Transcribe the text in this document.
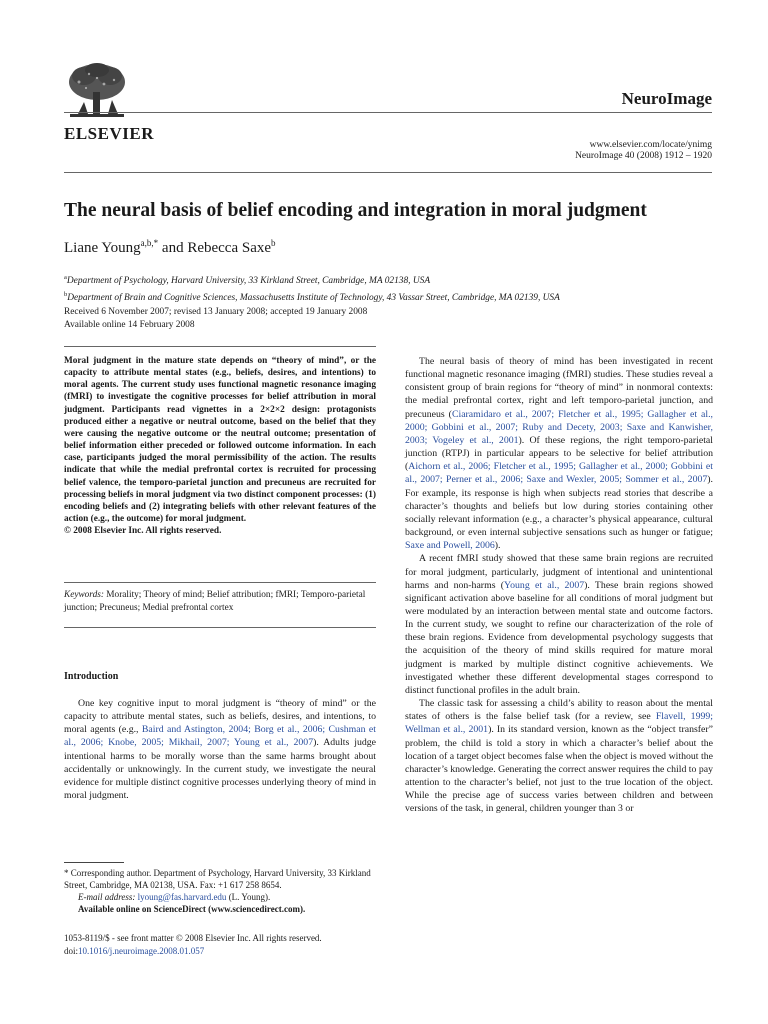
ELSEVIER
NeuroImage
www.elsevier.com/locate/ynimg
NeuroImage 40 (2008) 1912 – 1920
The neural basis of belief encoding and integration in moral judgment
Liane Young$^{a,b,*}$ and Rebecca Saxe$^b$
$^a$Department of Psychology, Harvard University, 33 Kirkland Street, Cambridge, MA 02138, USA
$^b$Department of Brain and Cognitive Sciences, Massachusetts Institute of Technology, 43 Vassar Street, Cambridge, MA 02139, USA
Received 6 November 2007; revised 13 January 2008; accepted 19 January 2008
Available online 14 February 2008
Moral judgment in the mature state depends on “theory of mind”, or the capacity to attribute mental states (e.g., beliefs, desires, and intentions) to moral agents. The current study uses functional magnetic resonance imaging (fMRI) to investigate the cognitive processes for belief attribution in moral judgment. Participants read vignettes in a 2×2×2 design: protagonists produced either a negative or neutral outcome, based on the belief that they were causing the negative outcome or the neutral outcome; presentation of belief information either preceded or followed outcome information. In each case, participants judged the moral permissibility of the action. The results indicate that while the medial prefrontal cortex is recruited for processing belief valence, the temporo-parietal junction and precuneus are recruited for processing beliefs in moral judgment via two distinct component processes: (1) encoding beliefs and (2) integrating beliefs with other relevant features of the action (e.g., the outcome) for moral judgment.
© 2008 Elsevier Inc. All rights reserved.
Keywords: Morality; Theory of mind; Belief attribution; fMRI; Temporo-parietal junction; Precuneus; Medial prefrontal cortex
Introduction

One key cognitive input to moral judgment is “theory of mind” or the capacity to attribute mental states, such as beliefs, desires, and intentions, to moral agents (e.g., Baird and Astington, 2004; Borg et al., 2006; Cushman et al., 2006; Knobe, 2005; Mikhail, 2007; Young et al., 2007). Adults judge intentional harms to be morally worse than the same harms brought about accidentally or unknowingly. In the current study, we investigate the neural evidence for multiple distinct cognitive processes underlying theory of mind in moral judgment.

The neural basis of theory of mind has been investigated in recent functional magnetic resonance imaging (fMRI) studies. These studies reveal a consistent group of brain regions for “theory of mind” in nonmoral contexts: the medial prefrontal cortex, right and left temporo-parietal junction, and precuneus (Ciaramidaro et al., 2007; Fletcher et al., 1995; Gallagher et al., 2000; Gobbini et al., 2007; Ruby and Decety, 2003; Saxe and Kanwisher, 2003; Vogeley et al., 2001). Of these regions, the right temporo-parietal junction (RTPJ) in particular appears to be selective for belief attribution (Aichorn et al., 2006; Fletcher et al., 1995; Gallagher et al., 2000; Gobbini et al., 2007; Perner et al., 2006; Saxe and Wexler, 2005; Sommer et al., 2007). For example, its response is high when subjects read stories that describe a character’s thoughts and beliefs but low during stories containing other socially relevant information (e.g., a character’s physical appearance, cultural background, or even internal subjective sensations such as hunger or fatigue; Saxe and Powell, 2006).

A recent fMRI study showed that these same brain regions are recruited for moral judgment, particularly, judgment of intentional and unintentional harms and non-harms (Young et al., 2007). These brain regions showed significant activation above baseline for all conditions of moral judgment but were modulated by an interaction between mental state and outcome factors. In the current study, we sought to refine our characterization of the role of these brain regions. Evidence from developmental psychology suggests that the acquisition of the theory of mind skills required for mature moral judgment is marked by multiple distinct cognitive achievements. We investigated whether these different developmental stages correspond to distinct functional profiles in the adult brain.

The classic task for assessing a child’s ability to reason about the mental states of others is the false belief task (for a review, see Flavell, 1999; Wellman et al., 2001). In its standard version, known as the “object transfer” problem, the child is told a story in which a character’s belief about the location of a target object becomes false when the object is moved without the character’s knowledge. Generating the correct answer requires the child to pay attention to the character’s belief, not just to the true location of the object. While the precise age of success varies between children and between versions of the task, in general, children younger than 3 or

* Corresponding author. Department of Psychology, Harvard University, 33 Kirkland Street, Cambridge, MA 02138, USA. Fax: +1 617 258 8654.

E-mail address: lyoung@fas.harvard.edu (L. Young).

Available online on ScienceDirect (www.sciencedirect.com).

1053-8119/$ - see front matter © 2008 Elsevier Inc. All rights reserved.
doi:10.1016/j.neuroimage.2008.01.057
